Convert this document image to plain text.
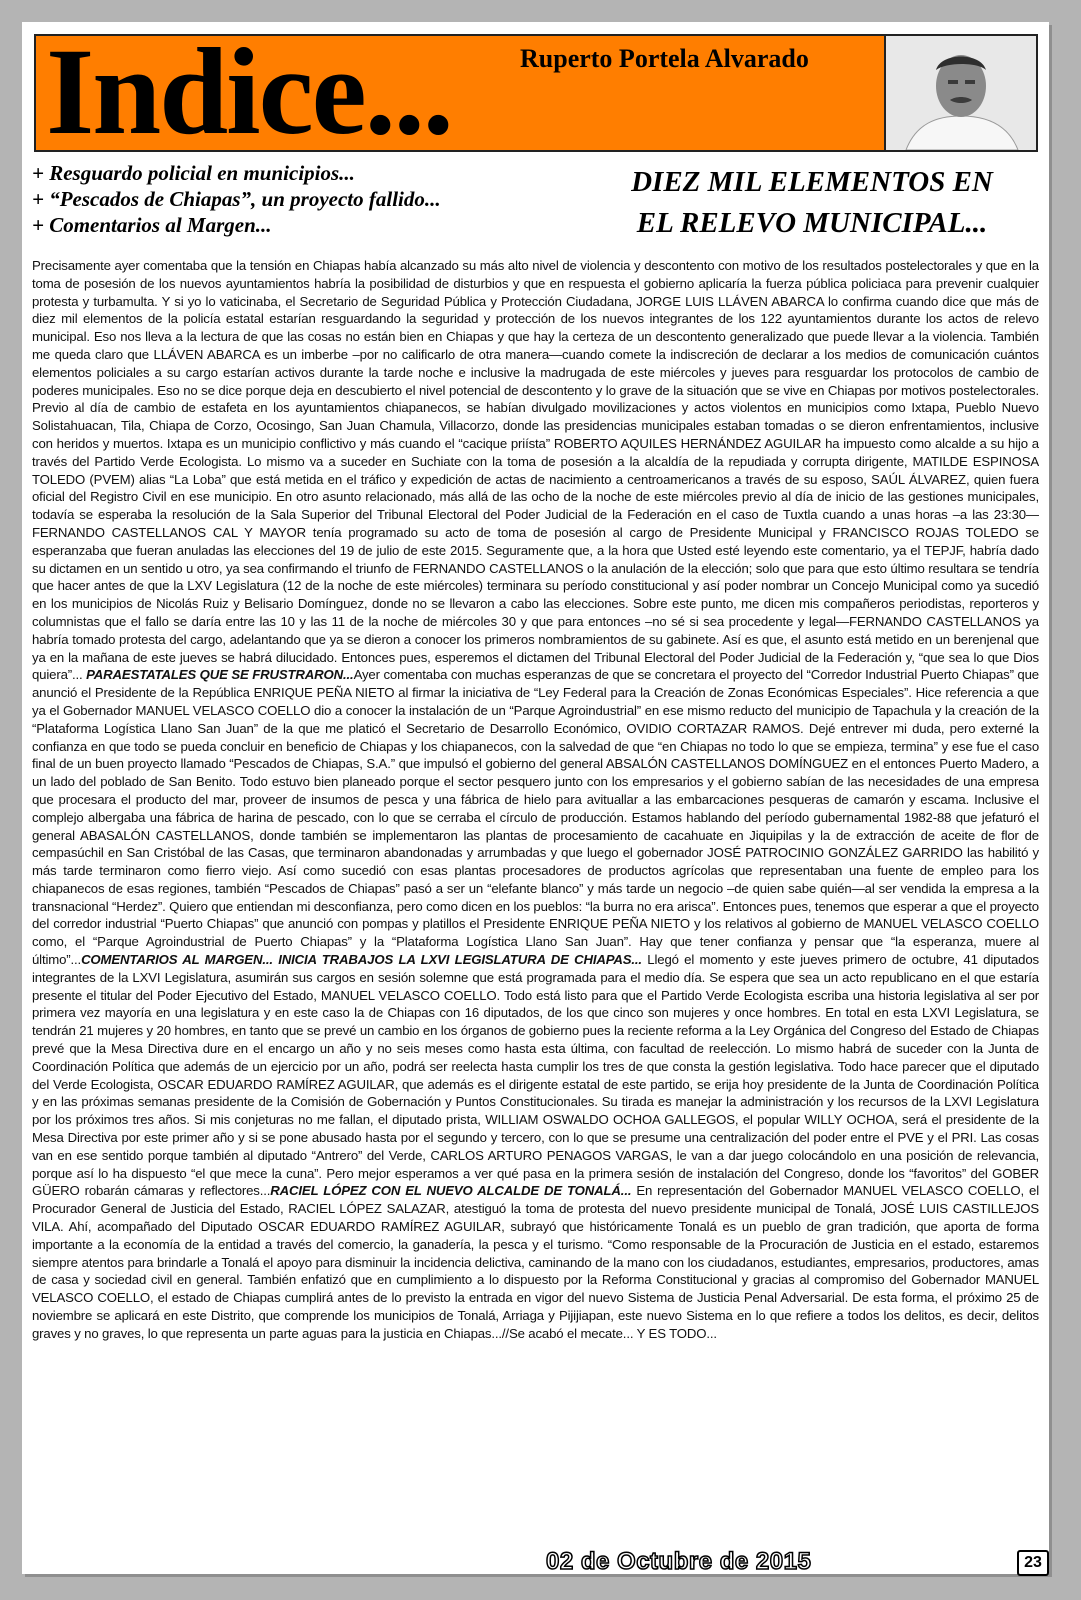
Indice...	Ruperto Portela Alvarado
+ Resguardo policial en municipios...
+ “Pescados de Chiapas”, un proyecto fallido...
+ Comentarios al Margen...
DIEZ MIL ELEMENTOS EN
EL RELEVO MUNICIPAL...
Precisamente ayer comentaba que la tensión en Chiapas había alcanzado su más alto nivel de violencia y descontento con motivo de los resultados postelectorales y que en la toma de posesión de los nuevos ayuntamientos habría la posibilidad de disturbios y que en respuesta el gobierno aplicaría la fuerza pública policiaca para prevenir cualquier protesta y turbamulta. Y si yo lo vaticinaba, el Secretario de Seguridad Pública y Protección Ciudadana, JORGE LUIS LLÁVEN ABARCA lo confirma cuando dice que más de diez mil elementos de la policía estatal estarían resguardando la seguridad y protección de los nuevos integrantes de los 122 ayuntamientos durante los actos de relevo municipal. Eso nos lleva a la lectura de que las cosas no están bien en Chiapas y que hay la certeza de un descontento generalizado que puede llevar a la violencia. También me queda claro que LLÁVEN ABARCA es un imberbe –por no calificarlo de otra manera—cuando comete la indiscreción de declarar a los medios de comunicación cuántos elementos policiales a su cargo estarían activos durante la tarde noche e inclusive la madrugada de este miércoles y jueves para resguardar los protocolos de cambio de poderes municipales. Eso no se dice porque deja en descubierto el nivel potencial de descontento y lo grave de la situación que se vive en Chiapas por motivos postelectorales. Previo al día de cambio de estafeta en los ayuntamientos chiapanecos, se habían divulgado movilizaciones y actos violentos en municipios como Ixtapa, Pueblo Nuevo Solistahuacan, Tila, Chiapa de Corzo, Ocosingo, San Juan Chamula, Villacorzo, donde las presidencias municipales estaban tomadas o se dieron enfrentamientos, inclusive con heridos y muertos. Ixtapa es un municipio conflictivo y más cuando el “cacique priísta” ROBERTO AQUILES HERNÁNDEZ AGUILAR ha impuesto como alcalde a su hijo a través del Partido Verde Ecologista. Lo mismo va a suceder en Suchiate con la toma de posesión a la alcaldía de la repudiada y corrupta dirigente, MATILDE ESPINOSA TOLEDO (PVEM) alias “La Loba” que está metida en el tráfico y expedición de actas de nacimiento a centroamericanos a través de su esposo, SAÚL ÁLVAREZ, quien fuera oficial del Registro Civil en ese municipio. En otro asunto relacionado, más allá de las ocho de la noche de este miércoles previo al día de inicio de las gestiones municipales, todavía se esperaba la resolución de la Sala Superior del Tribunal Electoral del Poder Judicial de la Federación en el caso de Tuxtla cuando a unas horas –a las 23:30—FERNANDO CASTELLANOS CAL Y MAYOR tenía programado su acto de toma de posesión al cargo de Presidente Municipal y FRANCISCO ROJAS TOLEDO se esperanzaba que fueran anuladas las elecciones del 19 de julio de este 2015. Seguramente que, a la hora que Usted esté leyendo este comentario, ya el TEPJF, habría dado su dictamen en un sentido u otro, ya sea confirmando el triunfo de FERNANDO CASTELLANOS o la anulación de la elección; solo que para que esto último resultara se tendría que hacer antes de que la LXV Legislatura (12 de la noche de este miércoles) terminara su período constitucional y así poder nombrar un Concejo Municipal como ya sucedió en los municipios de Nicolás Ruiz y Belisario Domínguez, donde no se llevaron a cabo las elecciones. Sobre este punto, me dicen mis compañeros periodistas, reporteros y columnistas que el fallo se daría entre las 10 y las 11 de la noche de miércoles 30 y que para entonces –no sé si sea procedente y legal—FERNANDO CASTELLANOS ya habría tomado protesta del cargo, adelantando que ya se dieron a conocer los primeros nombramientos de su gabinete. Así es que, el asunto está metido en un berenjenal que ya en la mañana de este jueves se habrá dilucidado. Entonces pues, esperemos el dictamen del Tribunal Electoral del Poder Judicial de la Federación y, “que sea lo que Dios quiera”... PARAESTATALES QUE SE FRUSTRARON...Ayer comentaba con muchas esperanzas de que se concretara el proyecto del “Corredor Industrial Puerto Chiapas” que anunció el Presidente de la República ENRIQUE PEÑA NIETO al firmar la iniciativa de “Ley Federal para la Creación de Zonas Económicas Especiales”. Hice referencia a que ya el Gobernador MANUEL VELASCO COELLO dio a conocer la instalación de un “Parque Agroindustrial” en ese mismo reducto del municipio de Tapachula y la creación de la “Plataforma Logística Llano San Juan” de la que me platicó el Secretario de Desarrollo Económico, OVIDIO CORTAZAR RAMOS. Dejé entrever mi duda, pero externé la confianza en que todo se pueda concluir en beneficio de Chiapas y los chiapanecos, con la salvedad de que “en Chiapas no todo lo que se empieza, termina” y ese fue el caso final de un buen proyecto llamado “Pescados de Chiapas, S.A.” que impulsó el gobierno del general ABSALÓN CASTELLANOS DOMÍNGUEZ en el entonces Puerto Madero, a un lado del poblado de San Benito. Todo estuvo bien planeado porque el sector pesquero junto con los empresarios y el gobierno sabían de las necesidades de una empresa que procesara el producto del mar, proveer de insumos de pesca y una fábrica de hielo para avituallar a las embarcaciones pesqueras de camarón y escama. Inclusive el complejo albergaba una fábrica de harina de pescado, con lo que se cerraba el círculo de producción. Estamos hablando del período gubernamental 1982-88 que jefaturó el general ABASALÓN CASTELLANOS, donde también se implementaron las plantas de procesamiento de cacahuate en Jiquipilas y la de extracción de aceite de flor de cempasúchil en San Cristóbal de las Casas, que terminaron abandonadas y arrumbadas y que luego el gobernador JOSÉ PATROCINIO GONZÁLEZ GARRIDO las habilitó y más tarde terminaron como fierro viejo. Así como sucedió con esas plantas procesadores de productos agrícolas que representaban una fuente de empleo para los chiapanecos de esas regiones, también “Pescados de Chiapas” pasó a ser un “elefante blanco” y más tarde un negocio –de quien sabe quién—al ser vendida la empresa a la transnacional “Herdez”. Quiero que entiendan mi desconfianza, pero como dicen en los pueblos: “la burra no era arisca”. Entonces pues, tenemos que esperar a que el proyecto del corredor industrial “Puerto Chiapas” que anunció con pompas y platillos el Presidente ENRIQUE PEÑA NIETO y los relativos al gobierno de MANUEL VELASCO COELLO como, el “Parque Agroindustrial de Puerto Chiapas” y la “Plataforma Logística Llano San Juan”. Hay que tener confianza y pensar que “la esperanza, muere al último”...COMENTARIOS AL MARGEN... INICIA TRABAJOS LA LXVI LEGISLATURA DE CHIAPAS... Llegó el momento y este jueves primero de octubre, 41 diputados integrantes de la LXVI Legislatura, asumirán sus cargos en sesión solemne que está programada para el medio día. Se espera que sea un acto republicano en el que estaría presente el titular del Poder Ejecutivo del Estado, MANUEL VELASCO COELLO. Todo está listo para que el Partido Verde Ecologista escriba una historia legislativa al ser por primera vez mayoría en una legislatura y en este caso la de Chiapas con 16 diputados, de los que cinco son mujeres y once hombres. En total en esta LXVI Legislatura, se tendrán 21 mujeres y 20 hombres, en tanto que se prevé un cambio en los órganos de gobierno pues la reciente reforma a la Ley Orgánica del Congreso del Estado de Chiapas prevé que la Mesa Directiva dure en el encargo un año y no seis meses como hasta esta última, con facultad de reelección. Lo mismo habrá de suceder con la Junta de Coordinación Política que además de un ejercicio por un año, podrá ser reelecta hasta cumplir los tres de que consta la gestión legislativa. Todo hace parecer que el diputado del Verde Ecologista, OSCAR EDUARDO RAMÍREZ AGUILAR, que además es el dirigente estatal de este partido, se erija hoy presidente de la Junta de Coordinación Política y en las próximas semanas presidente de la Comisión de Gobernación y Puntos Constitucionales. Su tirada es manejar la administración y los recursos de la LXVI Legislatura por los próximos tres años. Si mis conjeturas no me fallan, el diputado prista, WILLIAM OSWALDO OCHOA GALLEGOS, el popular WILLY OCHOA, será el presidente de la Mesa Directiva por este primer año y si se pone abusado hasta por el segundo y tercero, con lo que se presume una centralización del poder entre el PVE y el PRI. Las cosas van en ese sentido porque también al diputado “Antrero” del Verde, CARLOS ARTURO PENAGOS VARGAS, le van a dar juego colocándolo en una posición de relevancia, porque así lo ha dispuesto “el que mece la cuna”. Pero mejor esperamos a ver qué pasa en la primera sesión de instalación del Congreso, donde los “favoritos” del GOBER GÜERO robarán cámaras y reflectores...RACIEL LÓPEZ CON EL NUEVO ALCALDE DE TONALÁ... En representación del Gobernador MANUEL VELASCO COELLO, el Procurador General de Justicia del Estado, RACIEL LÓPEZ SALAZAR, atestiguó la toma de protesta del nuevo presidente municipal de Tonalá, JOSÉ LUIS CASTILLEJOS VILA. Ahí, acompañado del Diputado OSCAR EDUARDO RAMÍREZ AGUILAR, subrayó que históricamente Tonalá es un pueblo de gran tradición, que aporta de forma importante a la economía de la entidad a través del comercio, la ganadería, la pesca y el turismo. “Como responsable de la Procuración de Justicia en el estado, estaremos siempre atentos para brindarle a Tonalá el apoyo para disminuir la incidencia delictiva, caminando de la mano con los ciudadanos, estudiantes, empresarios, productores, amas de casa y sociedad civil en general. También enfatizó que en cumplimiento a lo dispuesto por la Reforma Constitucional y gracias al compromiso del Gobernador MANUEL VELASCO COELLO, el estado de Chiapas cumplirá antes de lo previsto la entrada en vigor del nuevo Sistema de Justicia Penal Adversarial. De esta forma, el próximo 25 de noviembre se aplicará en este Distrito, que comprende los municipios de Tonalá, Arriaga y Pijijiapan, este nuevo Sistema en lo que refiere a todos los delitos, es decir, delitos graves y no graves, lo que representa un parte aguas para la justicia en Chiapas...//Se acabó el mecate... Y ES TODO...
02 de Octubre de 2015	23
